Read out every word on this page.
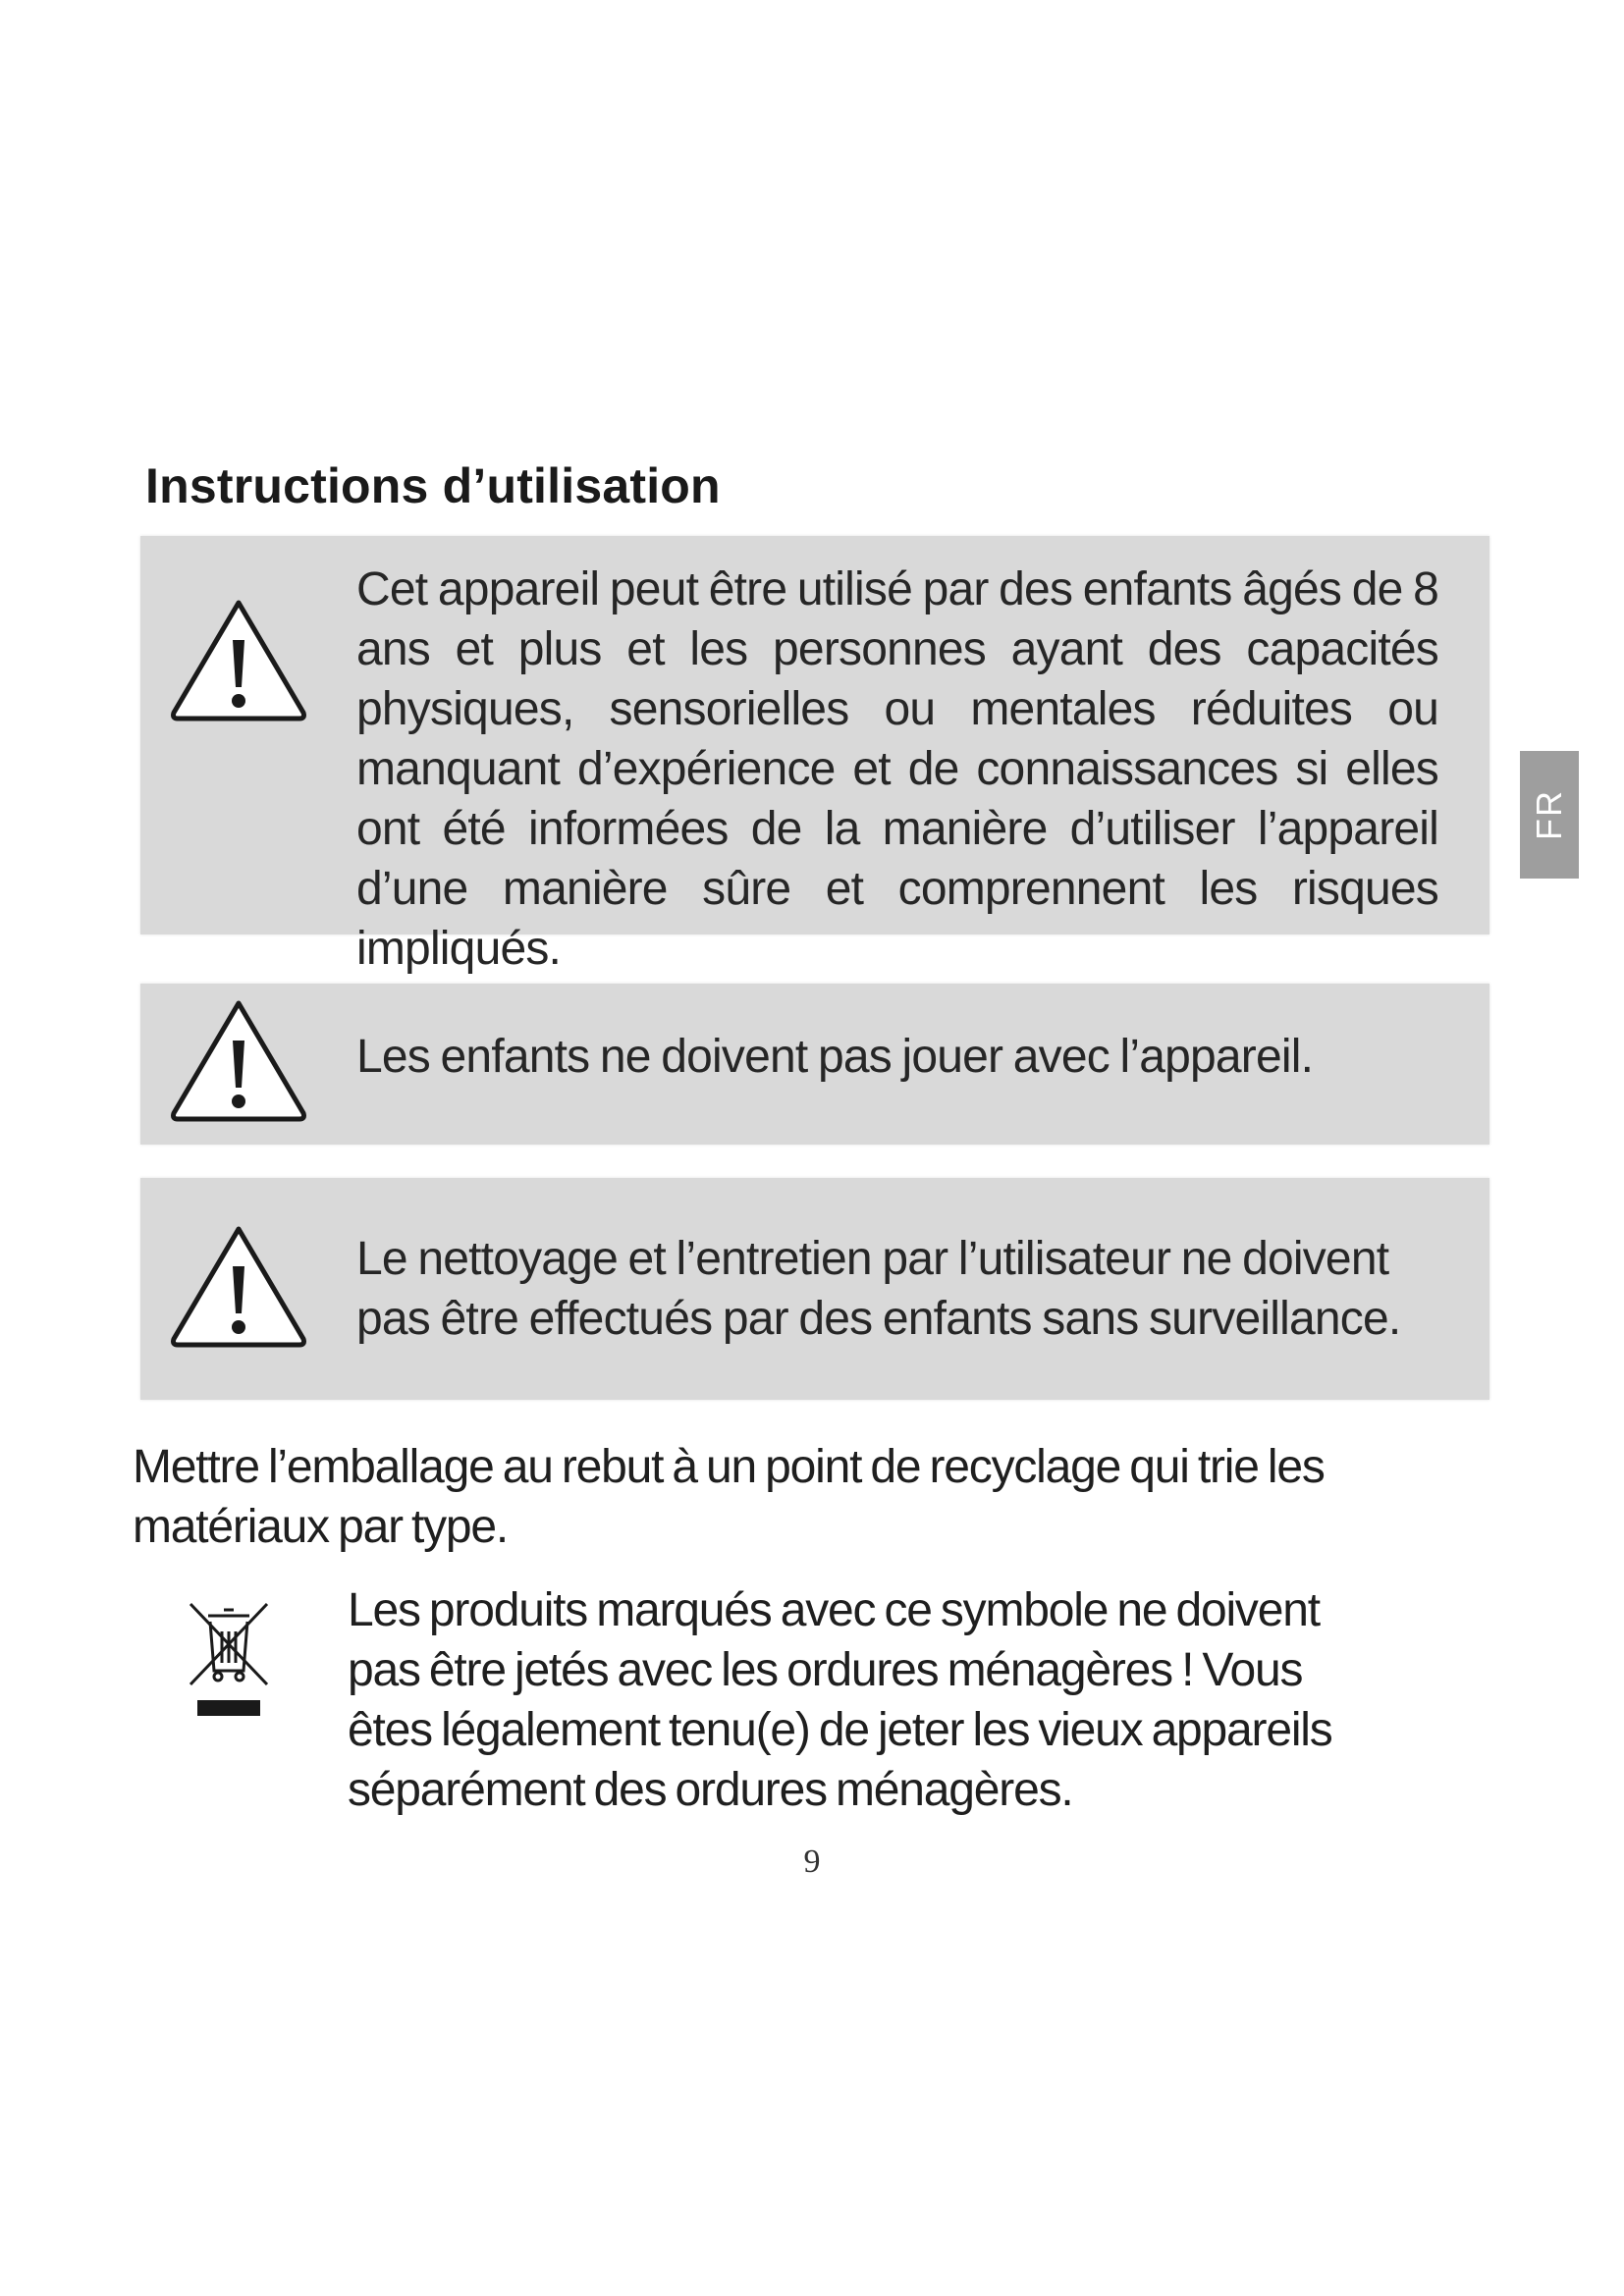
Instructions d’utilisation

Cet appareil peut être utilisé par des enfants âgés de 8 ans et plus et les personnes ayant des capacités physiques, sensorielles ou mentales réduites ou manquant d’expérience et de connaissances si elles ont été informées de la manière d’utiliser l’appareil d’une manière sûre et comprennent les risques impliqués.

Les enfants ne doivent pas jouer avec l’appareil.

Le nettoyage et l’entretien par l’utilisateur ne doivent pas être effectués par des enfants sans surveillance.

FR

Mettre l’emballage au rebut à un point de recyclage qui trie les matériaux par type.

Les produits marqués avec ce symbole ne doivent pas être jetés avec les ordures ménagères ! Vous êtes légalement tenu(e) de jeter les vieux appareils séparément des ordures ménagères.

9
